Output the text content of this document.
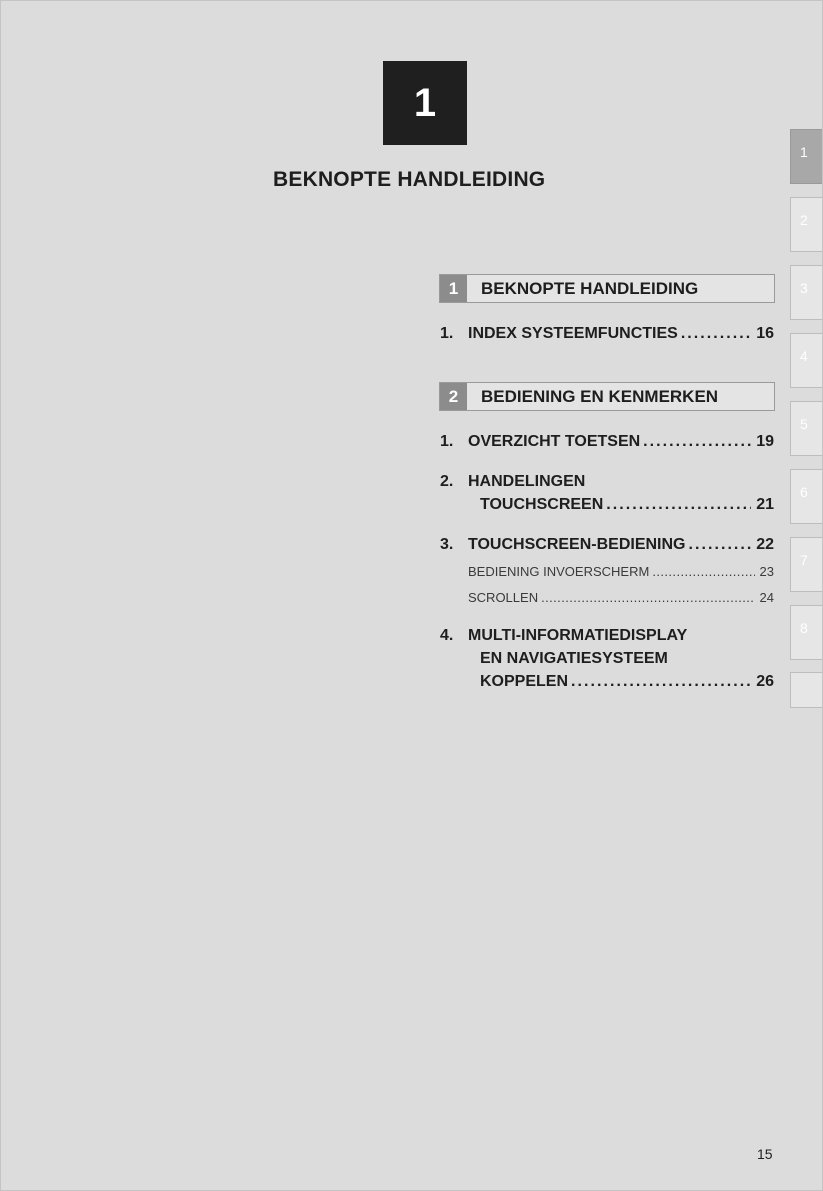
1
BEKNOPTE HANDLEIDING
1	BEKNOPTE HANDLEIDING
1. INDEX SYSTEEMFUNCTIES . . .	16
2	BEDIENING EN KENMERKEN
1. OVERZICHT TOETSEN . . .	19
2. HANDELINGEN
TOUCHSCREEN . . .	21
3. TOUCHSCREEN-BEDIENING . . .	22
BEDIENING INVOERSCHERM . . .	23
SCROLLEN . . .	24
4. MULTI-INFORMATIEDISPLAY
EN NAVIGATIESYSTEEM
KOPPELEN . . .	26
1
2
3
4
5
6
7
8
15
